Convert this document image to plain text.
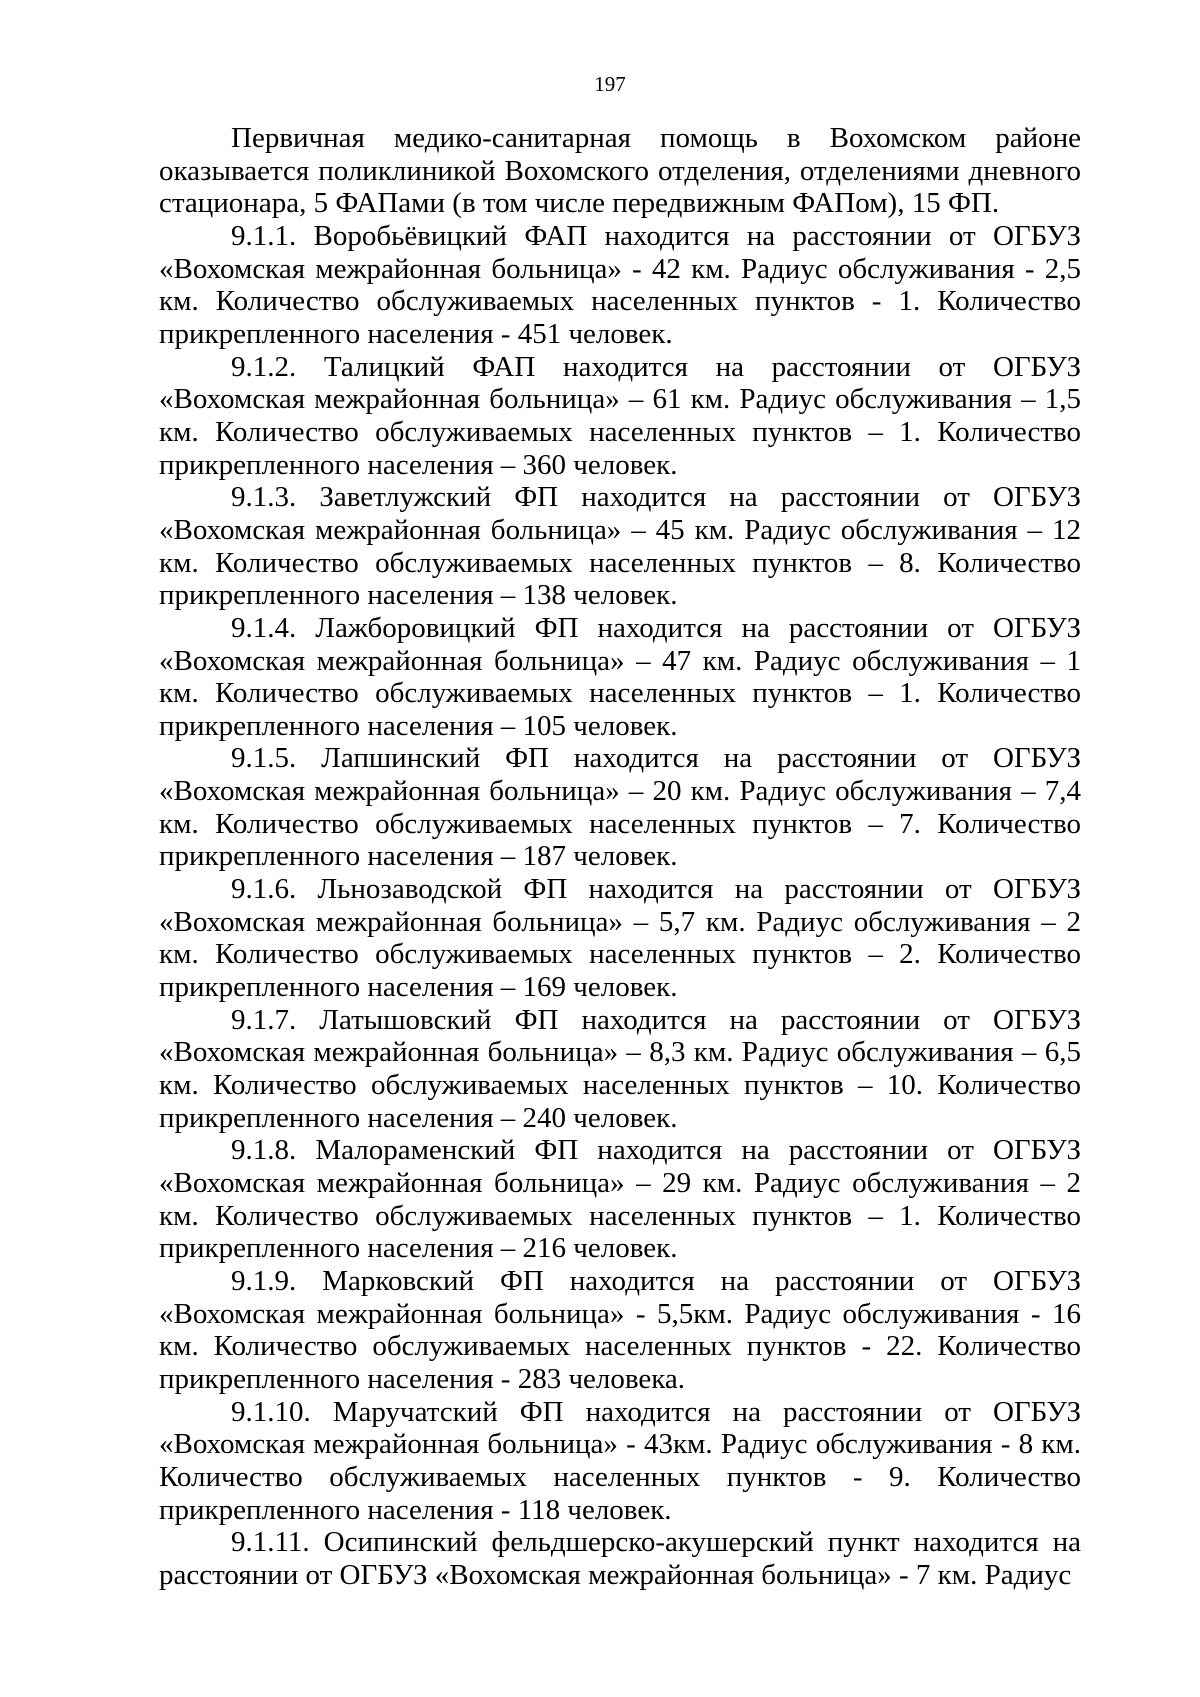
197

Первичная медико-санитарная помощь в Вохомском районе оказывается поликлиникой Вохомского отделения, отделениями дневного стационара, 5 ФАПами (в том числе передвижным ФАПом), 15 ФП.

9.1.1. Воробьёвицкий ФАП находится на расстоянии от ОГБУЗ «Вохомская межрайонная больница» - 42 км. Радиус обслуживания - 2,5 км. Количество обслуживаемых населенных пунктов - 1. Количество прикрепленного населения - 451 человек.

9.1.2. Талицкий ФАП находится на расстоянии от ОГБУЗ «Вохомская межрайонная больница» – 61 км. Радиус обслуживания – 1,5 км. Количество обслуживаемых населенных пунктов – 1. Количество прикрепленного населения – 360 человек.

9.1.3. Заветлужский ФП находится на расстоянии от ОГБУЗ «Вохомская межрайонная больница» – 45 км. Радиус обслуживания – 12 км. Количество обслуживаемых населенных пунктов – 8. Количество прикрепленного населения – 138 человек.

9.1.4. Лажборовицкий ФП находится на расстоянии от ОГБУЗ «Вохомская межрайонная больница» – 47 км. Радиус обслуживания – 1 км. Количество обслуживаемых населенных пунктов – 1. Количество прикрепленного населения – 105 человек.

9.1.5. Лапшинский ФП находится на расстоянии от ОГБУЗ «Вохомская межрайонная больница» – 20 км. Радиус обслуживания – 7,4 км. Количество обслуживаемых населенных пунктов – 7. Количество прикрепленного населения – 187 человек.

9.1.6. Льнозаводской ФП находится на расстоянии от ОГБУЗ «Вохомская межрайонная больница» – 5,7 км. Радиус обслуживания – 2 км. Количество обслуживаемых населенных пунктов – 2. Количество прикрепленного населения – 169 человек.

9.1.7. Латышовский ФП находится на расстоянии от ОГБУЗ «Вохомская межрайонная больница» – 8,3 км. Радиус обслуживания – 6,5 км. Количество обслуживаемых населенных пунктов – 10. Количество прикрепленного населения – 240 человек.

9.1.8. Малораменский ФП находится на расстоянии от ОГБУЗ «Вохомская межрайонная больница» – 29 км. Радиус обслуживания – 2 км. Количество обслуживаемых населенных пунктов – 1. Количество прикрепленного населения – 216 человек.

9.1.9. Марковский ФП находится на расстоянии от ОГБУЗ «Вохомская межрайонная больница» - 5,5км. Радиус обслуживания - 16 км. Количество обслуживаемых населенных пунктов - 22. Количество прикрепленного населения - 283 человека.

9.1.10. Маручатский ФП находится на расстоянии от ОГБУЗ «Вохомская межрайонная больница» - 43км. Радиус обслуживания - 8 км. Количество обслуживаемых населенных пунктов - 9. Количество прикрепленного населения - 118 человек.

9.1.11. Осипинский фельдшерско-акушерский пункт находится на расстоянии от ОГБУЗ «Вохомская межрайонная больница» - 7 км. Радиус
